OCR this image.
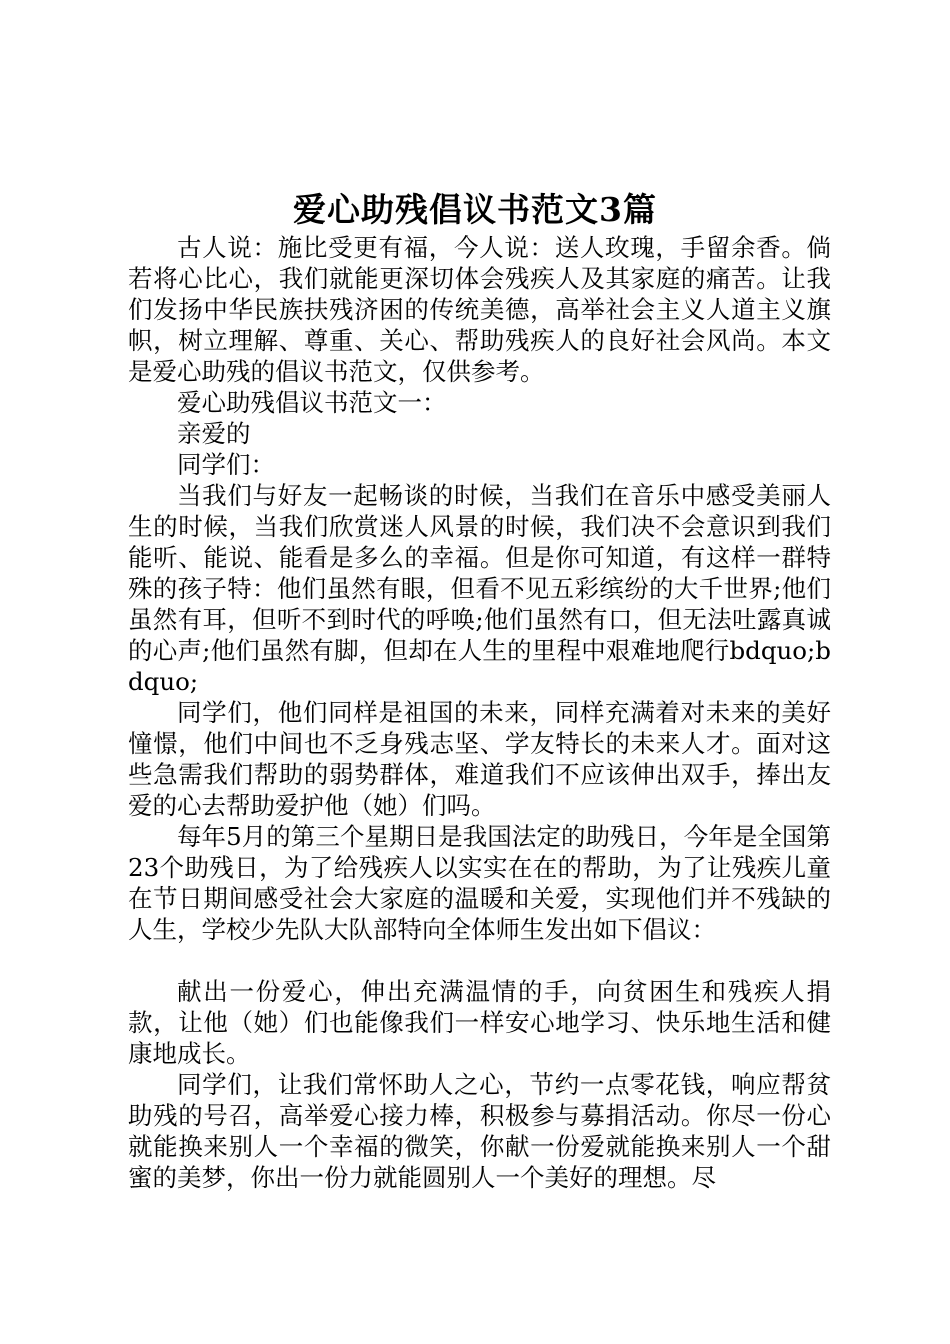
爱心助残倡议书范文3篇

古人说：施比受更有福，今人说：送人玫瑰，手留余香。倘若将心比心，我们就能更深切体会残疾人及其家庭的痛苦。让我们发扬中华民族扶残济困的传统美德，高举社会主义人道主义旗帜，树立理解、尊重、关心、帮助残疾人的良好社会风尚。本文是爱心助残的倡议书范文，仅供参考。

爱心助残倡议书范文一：

亲爱的

同学们：

当我们与好友一起畅谈的时候，当我们在音乐中感受美丽人生的时候，当我们欣赏迷人风景的时候，我们决不会意识到我们能听、能说、能看是多么的幸福。但是你可知道，有这样一群特殊的孩子特：他们虽然有眼，但看不见五彩缤纷的大千世界;他们虽然有耳，但听不到时代的呼唤;他们虽然有口，但无法吐露真诚的心声;他们虽然有脚，但却在人生的里程中艰难地爬行bdquo;bdquo;

同学们，他们同样是祖国的未来，同样充满着对未来的美好憧憬，他们中间也不乏身残志坚、学友特长的未来人才。面对这些急需我们帮助的弱势群体，难道我们不应该伸出双手，捧出友爱的心去帮助爱护他（她）们吗。

每年5月的第三个星期日是我国法定的助残日，今年是全国第23个助残日，为了给残疾人以实实在在的帮助，为了让残疾儿童在节日期间感受社会大家庭的温暖和关爱，实现他们并不残缺的人生，学校少先队大队部特向全体师生发出如下倡议：

献出一份爱心，伸出充满温情的手，向贫困生和残疾人捐款，让他（她）们也能像我们一样安心地学习、快乐地生活和健康地成长。

同学们，让我们常怀助人之心，节约一点零花钱，响应帮贫助残的号召，高举爱心接力棒，积极参与募捐活动。你尽一份心就能换来别人一个幸福的微笑，你献一份爱就能换来别人一个甜蜜的美梦，你出一份力就能圆别人一个美好的理想。尽
